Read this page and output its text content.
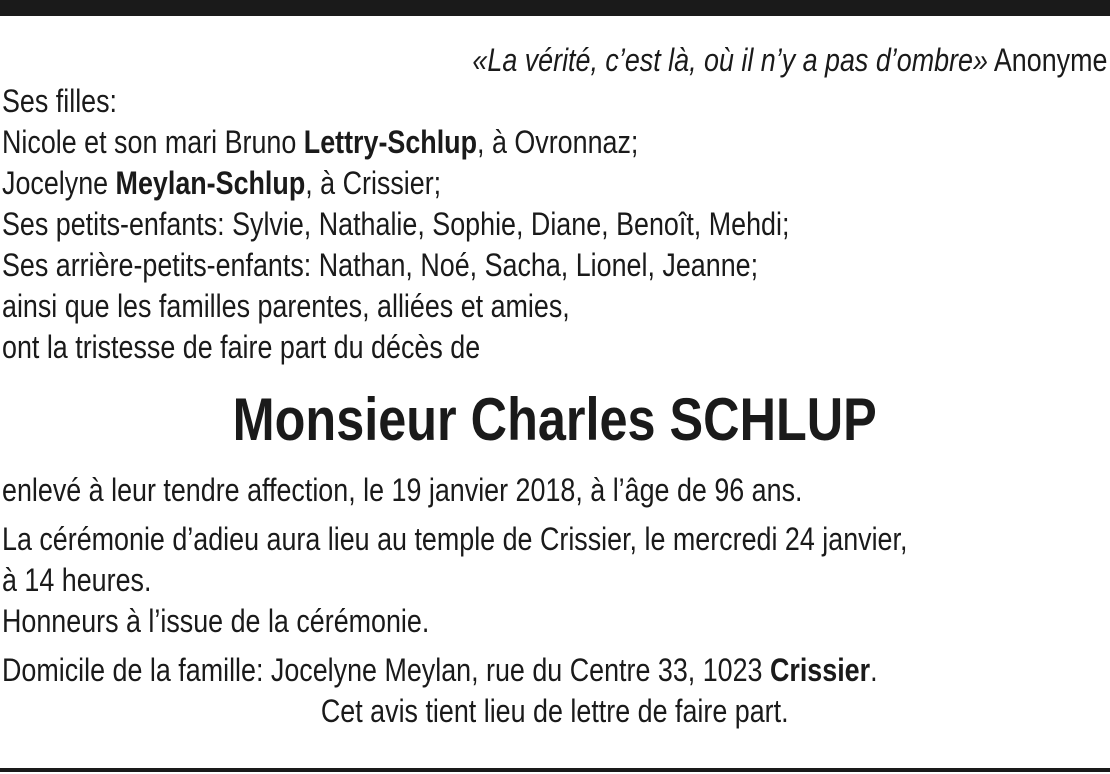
«La vérité, c’est là, où il n’y a pas d’ombre» Anonyme
Ses filles:
Nicole et son mari Bruno Lettry-Schlup, à Ovronnaz;
Jocelyne Meylan-Schlup, à Crissier;
Ses petits-enfants: Sylvie, Nathalie, Sophie, Diane, Benoît, Mehdi;
Ses arrière-petits-enfants: Nathan, Noé, Sacha, Lionel, Jeanne;
ainsi que les familles parentes, alliées et amies,
ont la tristesse de faire part du décès de
Monsieur Charles SCHLUP
enlevé à leur tendre affection, le 19 janvier 2018, à l’âge de 96 ans.
La cérémonie d’adieu aura lieu au temple de Crissier, le mercredi 24 janvier,
à 14 heures.
Honneurs à l’issue de la cérémonie.
Domicile de la famille: Jocelyne Meylan, rue du Centre 33, 1023 Crissier.
Cet avis tient lieu de lettre de faire part.
